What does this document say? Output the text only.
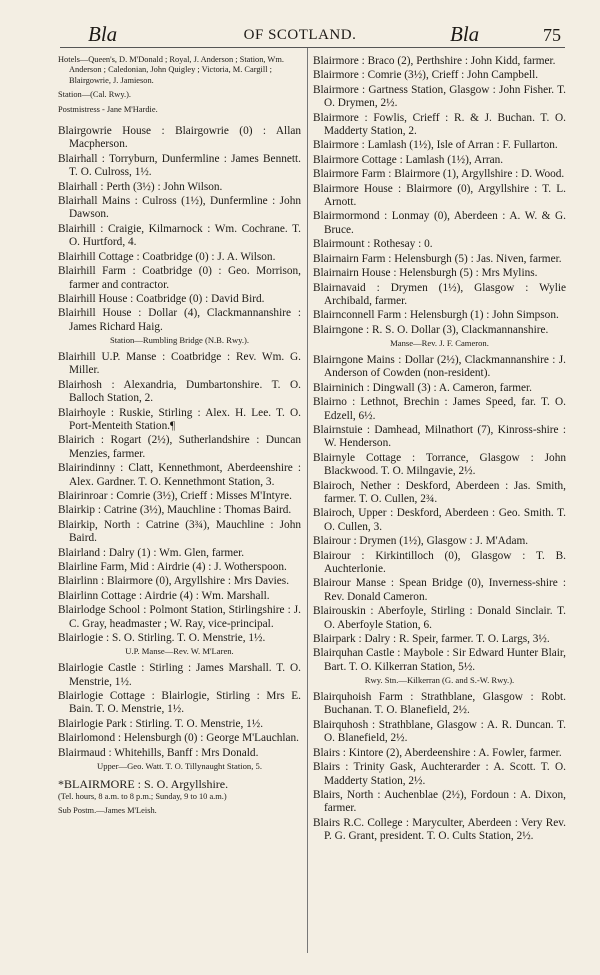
Bla	OF SCOTLAND.	Bla	75
Hotels—Queen's, D. M'Donald ; Royal, J. Anderson ; Station, Wm. Anderson ; Caledonian, John Quigley ; Victoria, M. Cargill ; Blairgowrie, J. Jamieson.
Station—(Cal. Rwy.).
Postmistress - Jane M'Hardie.
Blairgowrie House : Blairgowrie (0) : Allan Macpherson.
Blairhall : Torryburn, Dunfermline : James Bennett. T. O. Culross, 1½.
Blairhall : Perth (3½) : John Wilson.
Blairhall Mains : Culross (1½), Dunfermline : John Dawson.
Blairhill : Craigie, Kilmarnock : Wm. Cochrane. T. O. Hurtford, 4.
Blairhill Cottage : Coatbridge (0) : J. A. Wilson.
Blairhill Farm : Coatbridge (0) : Geo. Morrison, farmer and contractor.
Blairhill House : Coatbridge (0) : David Bird.
Blairhill House : Dollar (4), Clackmannanshire : James Richard Haig.
Station—Rumbling Bridge (N.B. Rwy.).
Blairhill U.P. Manse : Coatbridge : Rev. Wm. G. Miller.
Blairhosh : Alexandria, Dumbartonshire. T. O. Balloch Station, 2.
Blairhoyle : Ruskie, Stirling : Alex. H. Lee. T. O. Port-Menteith Station.¶
Blairich : Rogart (2½), Sutherlandshire : Duncan Menzies, farmer.
Blairindinny : Clatt, Kennethmont, Aberdeenshire : Alex. Gardner. T. O. Kennethmont Station, 3.
Blairinroar : Comrie (3½), Crieff : Misses M'Intyre.
Blairkip : Catrine (3½), Mauchline : Thomas Baird.
Blairkip, North : Catrine (3¾), Mauchline : John Baird.
Blairland : Dalry (1) : Wm. Glen, farmer.
Blairline Farm, Mid : Airdrie (4) : J. Wotherspoon.
Blairlinn : Blairmore (0), Argyllshire : Mrs Davies.
Blairlinn Cottage : Airdrie (4) : Wm. Marshall.
Blairlodge School : Polmont Station, Stirlingshire : J. C. Gray, headmaster ; W. Ray, vice-principal.
Blairlogie : S. O. Stirling. T. O. Menstrie, 1½.
U.P. Manse—Rev. W. M'Laren.
Blairlogie Castle : Stirling : James Marshall. T. O. Menstrie, 1½.
Blairlogie Cottage : Blairlogie, Stirling : Mrs E. Bain. T. O. Menstrie, 1½.
Blairlogie Park : Stirling. T. O. Menstrie, 1½.
Blairlomond : Helensburgh (0) : George M'Lauchlan.
Blairmaud : Whitehills, Banff : Mrs Donald.
Upper—Geo. Watt. T. O. Tillynaught Station, 5.
*BLAIRMORE : S. O. Argyllshire.
(Tel. hours, 8 a.m. to 8 p.m.; Sunday, 9 to 10 a.m.)
Sub Postm.—James M'Leish.
Blairmore : Braco (2), Perthshire : John Kidd, farmer.
Blairmore : Comrie (3½), Crieff : John Campbell.
Blairmore : Gartness Station, Glasgow : John Fisher. T. O. Drymen, 2½.
Blairmore : Fowlis, Crieff : R. & J. Buchan. T. O. Madderty Station, 2.
Blairmore : Lamlash (1½), Isle of Arran : F. Fullarton.
Blairmore Cottage : Lamlash (1½), Arran.
Blairmore Farm : Blairmore (1), Argyllshire : D. Wood.
Blairmore House : Blairmore (0), Argyllshire : T. L. Arnott.
Blairmormond : Lonmay (0), Aberdeen : A. W. & G. Bruce.
Blairmount : Rothesay : 0.
Blairnairn Farm : Helensburgh (5) : Jas. Niven, farmer.
Blairnairn House : Helensburgh (5) : Mrs Mylins.
Blairnavaid : Drymen (1½), Glasgow : Wylie Archibald, farmer.
Blairnconnell Farm : Helensburgh (1) : John Simpson.
Blairngone : R. S. O. Dollar (3), Clackmannanshire.
Manse—Rev. J. F. Cameron.
Blairngone Mains : Dollar (2½), Clackmannanshire : J. Anderson of Cowden (non-resident).
Blairninich : Dingwall (3) : A. Cameron, farmer.
Blairno : Lethnot, Brechin : James Speed, far. T. O. Edzell, 6½.
Blairnstuie : Damhead, Milnathort (7), Kinross-shire : W. Henderson.
Blairnyle Cottage : Torrance, Glasgow : John Blackwood. T. O. Milngavie, 2½.
Blairoch, Nether : Deskford, Aberdeen : Jas. Smith, farmer. T. O. Cullen, 2¾.
Blairoch, Upper : Deskford, Aberdeen : Geo. Smith. T. O. Cullen, 3.
Blairour : Drymen (1½), Glasgow : J. M'Adam.
Blairour : Kirkintilloch (0), Glasgow : T. B. Auchterlonie.
Blairour Manse : Spean Bridge (0), Inverness-shire : Rev. Donald Cameron.
Blairouskin : Aberfoyle, Stirling : Donald Sinclair. T. O. Aberfoyle Station, 6.
Blairpark : Dalry : R. Speir, farmer. T. O. Largs, 3½.
Blairquhan Castle : Maybole : Sir Edward Hunter Blair, Bart. T. O. Kilkerran Station, 5½.
Rwy. Stn.—Kilkerran (G. and S.-W. Rwy.).
Blairquhoish Farm : Strathblane, Glasgow : Robt. Buchanan. T. O. Blanefield, 2½.
Blairquhosh : Strathblane, Glasgow : A. R. Duncan. T. O. Blanefield, 2½.
Blairs : Kintore (2), Aberdeenshire : A. Fowler, farmer.
Blairs : Trinity Gask, Auchterarder : A. Scott. T. O. Madderty Station, 2½.
Blairs, North : Auchenblae (2½), Fordoun : A. Dixon, farmer.
Blairs R.C. College : Maryculter, Aberdeen : Very Rev. P. G. Grant, president. T. O. Cults Station, 2½.
